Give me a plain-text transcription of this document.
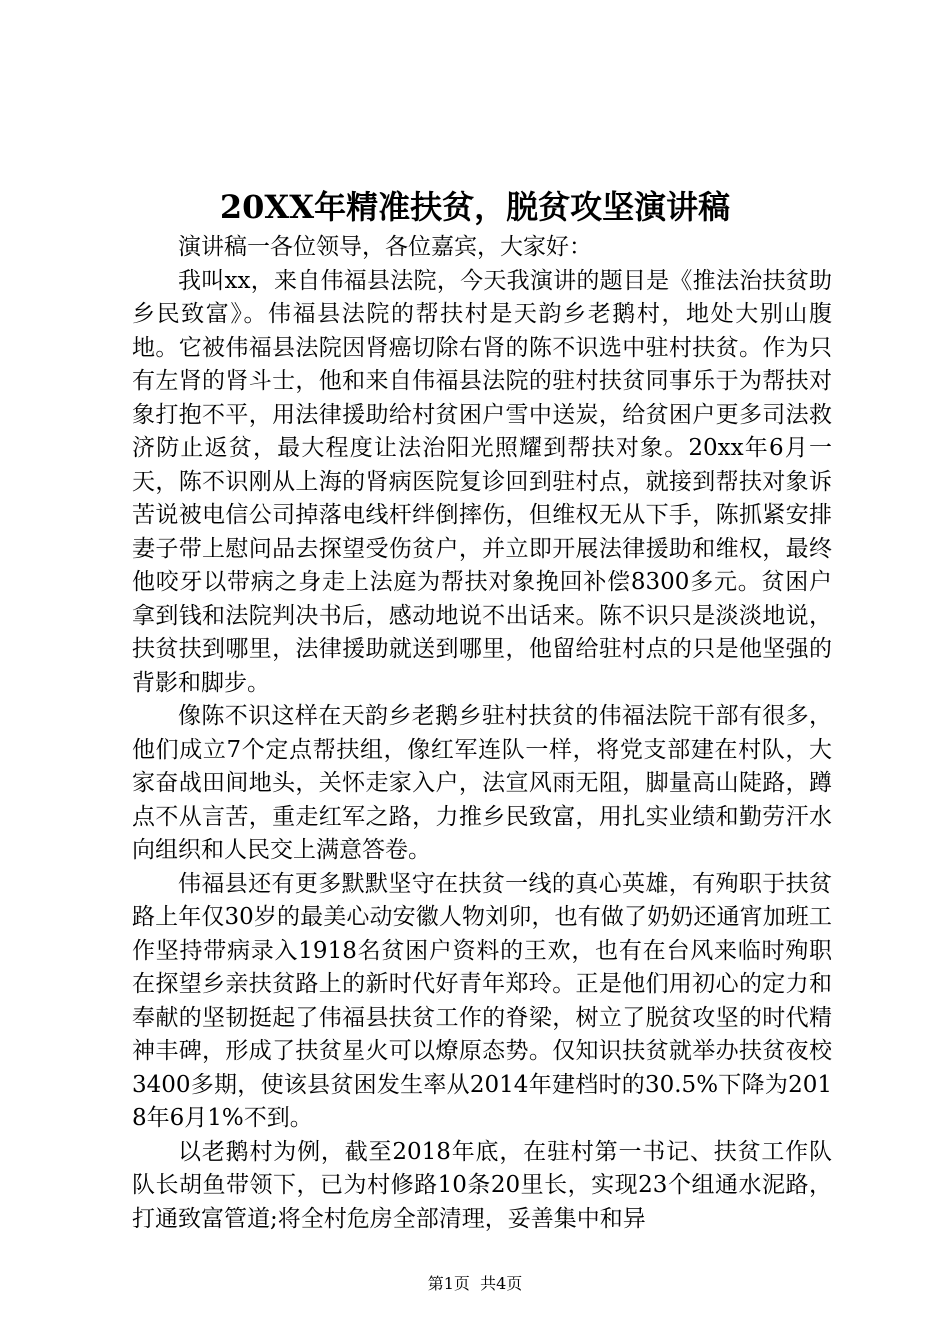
20XX年精准扶贫，脱贫攻坚演讲稿

演讲稿一各位领导，各位嘉宾，大家好：

我叫xx，来自伟福县法院，今天我演讲的题目是《推法治扶贫助乡民致富》。伟福县法院的帮扶村是天韵乡老鹅村，地处大别山腹地。它被伟福县法院因肾癌切除右肾的陈不识选中驻村扶贫。作为只有左肾的肾斗士，他和来自伟福县法院的驻村扶贫同事乐于为帮扶对象打抱不平，用法律援助给村贫困户雪中送炭，给贫困户更多司法救济防止返贫，最大程度让法治阳光照耀到帮扶对象。20xx年6月一天，陈不识刚从上海的肾病医院复诊回到驻村点，就接到帮扶对象诉苦说被电信公司掉落电线杆绊倒摔伤，但维权无从下手，陈抓紧安排妻子带上慰问品去探望受伤贫户，并立即开展法律援助和维权，最终他咬牙以带病之身走上法庭为帮扶对象挽回补偿8300多元。贫困户拿到钱和法院判决书后，感动地说不出话来。陈不识只是淡淡地说，扶贫扶到哪里，法律援助就送到哪里，他留给驻村点的只是他坚强的背影和脚步。

像陈不识这样在天韵乡老鹅乡驻村扶贫的伟福法院干部有很多，他们成立7个定点帮扶组，像红军连队一样，将党支部建在村队，大家奋战田间地头，关怀走家入户，法宣风雨无阻，脚量高山陡路，蹲点不从言苦，重走红军之路，力推乡民致富，用扎实业绩和勤劳汗水向组织和人民交上满意答卷。

伟福县还有更多默默坚守在扶贫一线的真心英雄，有殉职于扶贫路上年仅30岁的最美心动安徽人物刘卯，也有做了奶奶还通宵加班工作坚持带病录入1918名贫困户资料的王欢，也有在台风来临时殉职在探望乡亲扶贫路上的新时代好青年郑玲。正是他们用初心的定力和奉献的坚韧挺起了伟福县扶贫工作的脊梁，树立了脱贫攻坚的时代精神丰碑，形成了扶贫星火可以燎原态势。仅知识扶贫就举办扶贫夜校3400多期，使该县贫困发生率从2014年建档时的30.5%下降为2018年6月1%不到。

以老鹅村为例，截至2018年底，在驻村第一书记、扶贫工作队队长胡鱼带领下，已为村修路10条20里长，实现23个组通水泥路，打通致富管道;将全村危房全部清理，妥善集中和异

第1页 共4页
